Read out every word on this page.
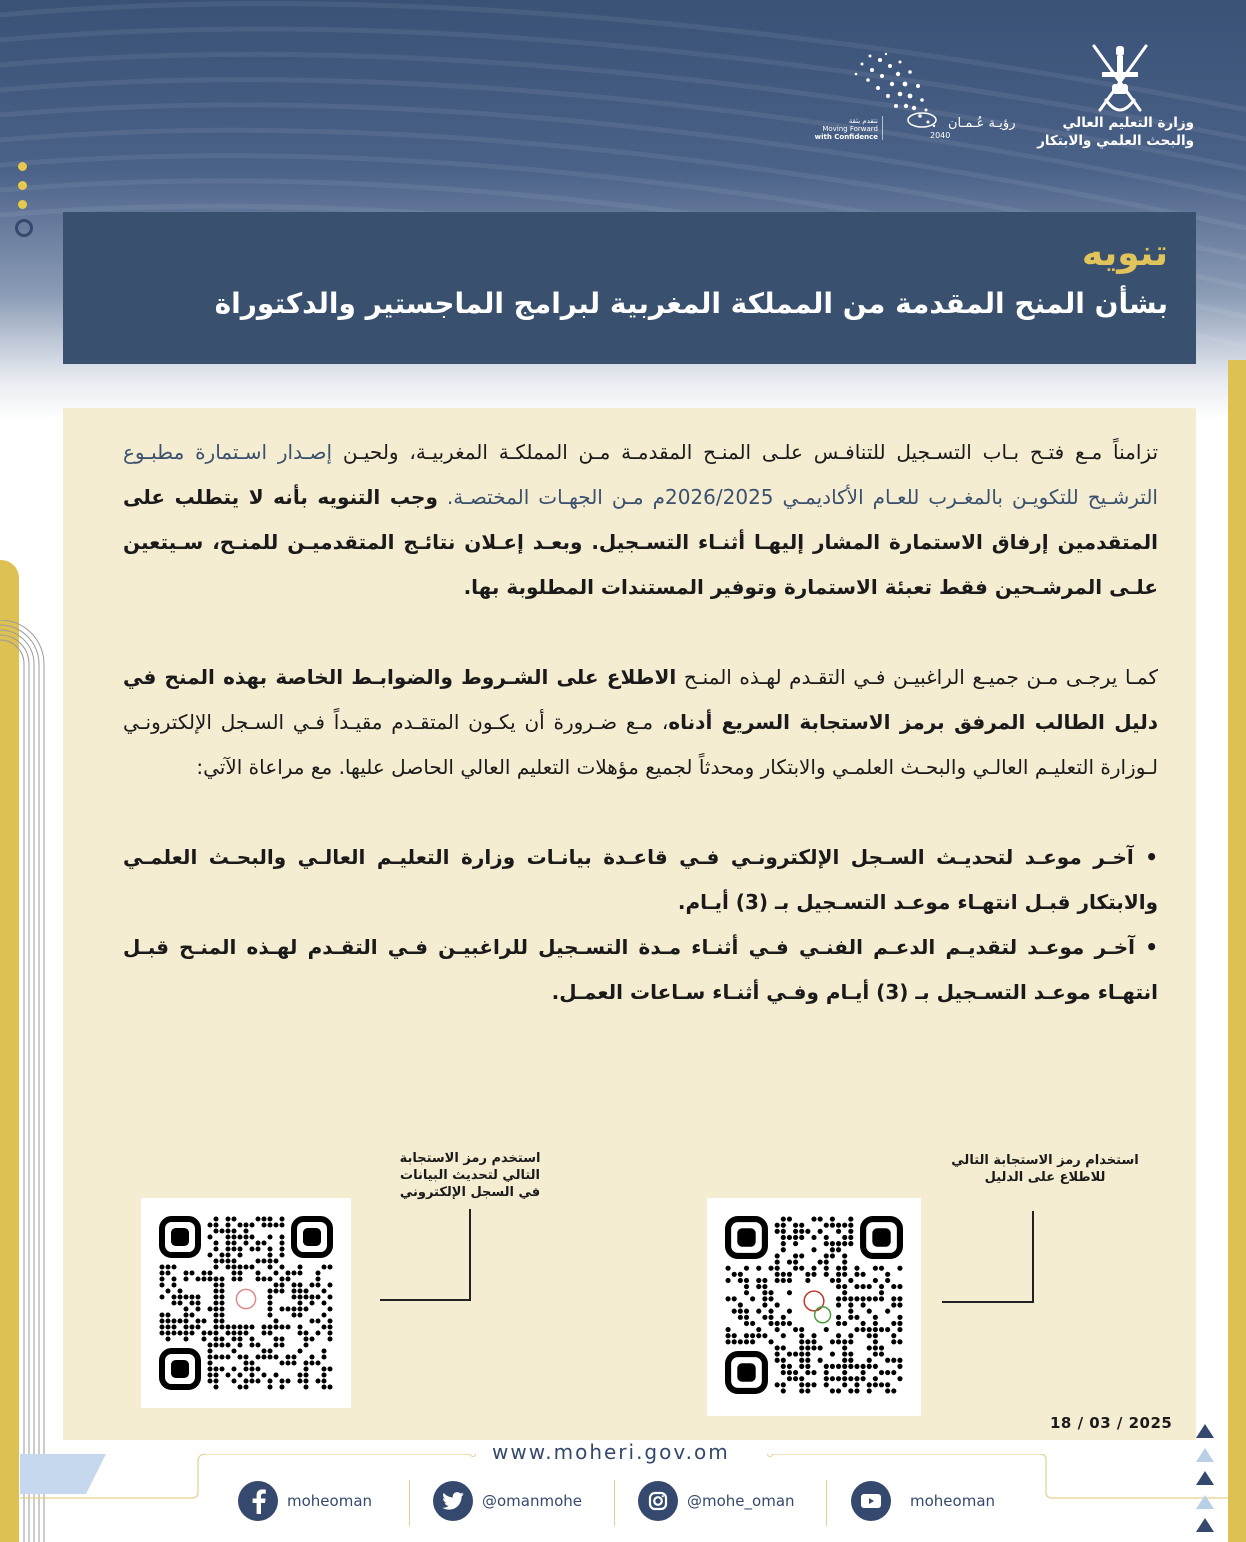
وزارة التعليم العالي
والبحث العلمي والابتكار
رؤيـة عُـمـان
2040
نتقدم بثقة
Moving Forward
with Confidence
تنويه
بشأن المنح المقدمة من المملكة المغربية لبرامج الماجستير والدكتوراة

تزامناً مـع فتـح بـاب التسـجيل للتنافـس علـى المنـح المقدمـة مـن المملكـة المغربيـة، ولحيـن إصـدار اسـتمارة مطبـوع الترشـيح للتكويـن بالمغـرب للعـام الأكاديمـي 2026/2025م مـن الجهـات المختصـة. وجب التنويه بأنه لا يتطلب على المتقدمين إرفاق الاستمارة المشار إليهـا أثنـاء التسـجيل. وبعـد إعـلان نتائـج المتقدميـن للمنـح، سـيتعين علـى المرشـحين فقط تعبئة الاستمارة وتوفير المستندات المطلوبة بها.

كمـا يرجـى مـن جميـع الراغبيـن فـي التقـدم لهـذه المنـح الاطلاع على الشـروط والضوابـط الخاصة بهذه المنح في دليل الطالب المرفق برمز الاستجابة السريع أدناه، مـع ضـرورة أن يكـون المتقـدم مقيـداً فـي السـجل الإلكترونـي لـوزارة التعليـم العالـي والبحـث العلمـي والابتكار ومحدثاً لجميع مؤهلات التعليم العالي الحاصل عليها. مع مراعاة الآتي:

• آخـر موعـد لتحديـث السـجل الإلكترونـي فـي قاعـدة بيانـات وزارة التعليـم العالـي والبحـث العلمـي والابتكار قبـل انتهـاء موعـد التسـجيل بـ (3) أيـام.
• آخـر موعـد لتقديـم الدعـم الفنـي فـي أثنـاء مـدة التسـجيل للراغبيـن فـي التقـدم لهـذه المنـح قبـل انتهـاء موعـد التسـجيل بـ (3) أيـام وفـي أثنـاء سـاعات العمـل.
استخدم رمز الاستجابة
التالي لتحديث البيانات
في السجل الإلكتروني
استخدام رمز الاستجابة التالي
للاطلاع على الدليل
18 / 03 / 2025
www.moheri.gov.om
moheoman	@omanmohe	@mohe_oman	moheoman
